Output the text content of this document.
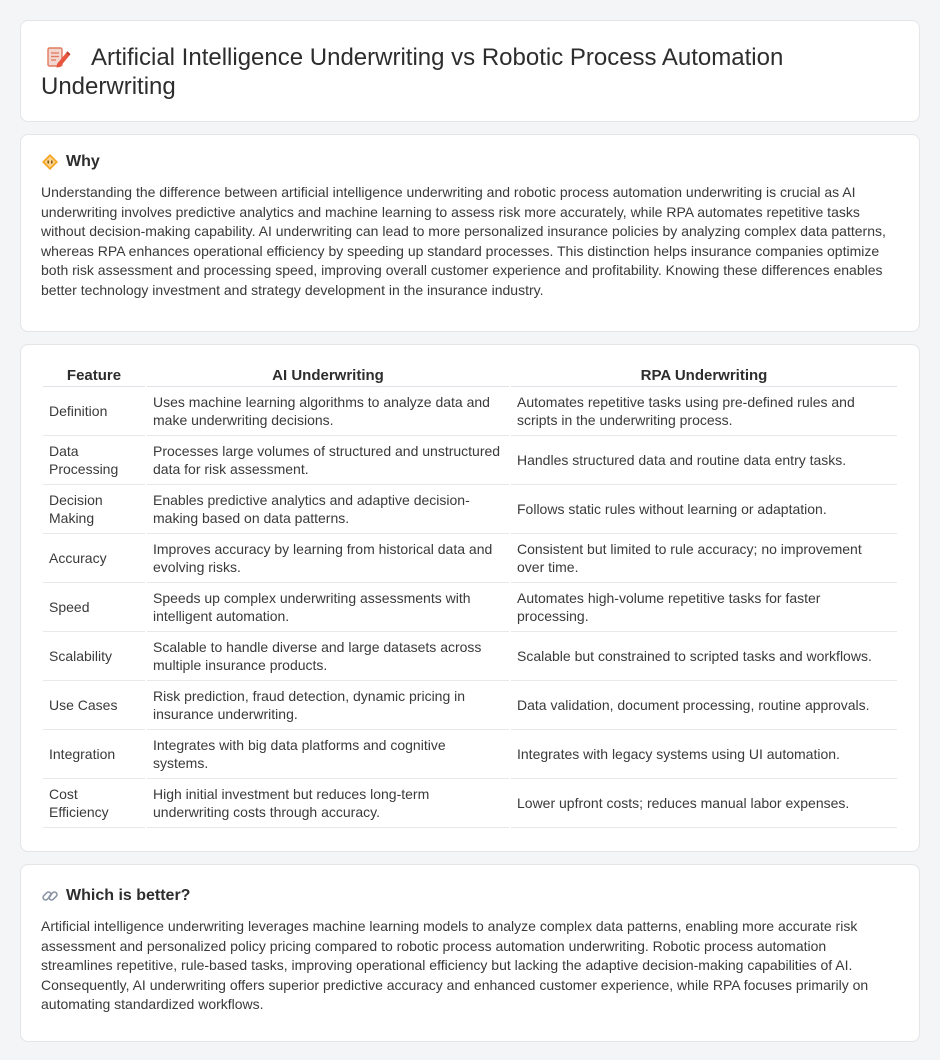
Artificial Intelligence Underwriting vs Robotic Process Automation Underwriting
Why

Understanding the difference between artificial intelligence underwriting and robotic process automation underwriting is crucial as AI underwriting involves predictive analytics and machine learning to assess risk more accurately, while RPA automates repetitive tasks without decision-making capability. AI underwriting can lead to more personalized insurance policies by analyzing complex data patterns, whereas RPA enhances operational efficiency by speeding up standard processes. This distinction helps insurance companies optimize both risk assessment and processing speed, improving overall customer experience and profitability. Knowing these differences enables better technology investment and strategy development in the insurance industry.

Feature	AI Underwriting	RPA Underwriting
Definition	Uses machine learning algorithms to analyze data and make underwriting decisions.	Automates repetitive tasks using pre-defined rules and scripts in the underwriting process.
Data Processing	Processes large volumes of structured and unstructured data for risk assessment.	Handles structured data and routine data entry tasks.
Decision Making	Enables predictive analytics and adaptive decision-making based on data patterns.	Follows static rules without learning or adaptation.
Accuracy	Improves accuracy by learning from historical data and evolving risks.	Consistent but limited to rule accuracy; no improvement over time.
Speed	Speeds up complex underwriting assessments with intelligent automation.	Automates high-volume repetitive tasks for faster processing.
Scalability	Scalable to handle diverse and large datasets across multiple insurance products.	Scalable but constrained to scripted tasks and workflows.
Use Cases	Risk prediction, fraud detection, dynamic pricing in insurance underwriting.	Data validation, document processing, routine approvals.
Integration	Integrates with big data platforms and cognitive systems.	Integrates with legacy systems using UI automation.
Cost Efficiency	High initial investment but reduces long-term underwriting costs through accuracy.	Lower upfront costs; reduces manual labor expenses.
Which is better?

Artificial intelligence underwriting leverages machine learning models to analyze complex data patterns, enabling more accurate risk assessment and personalized policy pricing compared to robotic process automation underwriting. Robotic process automation streamlines repetitive, rule-based tasks, improving operational efficiency but lacking the adaptive decision-making capabilities of AI. Consequently, AI underwriting offers superior predictive accuracy and enhanced customer experience, while RPA focuses primarily on automating standardized workflows.
